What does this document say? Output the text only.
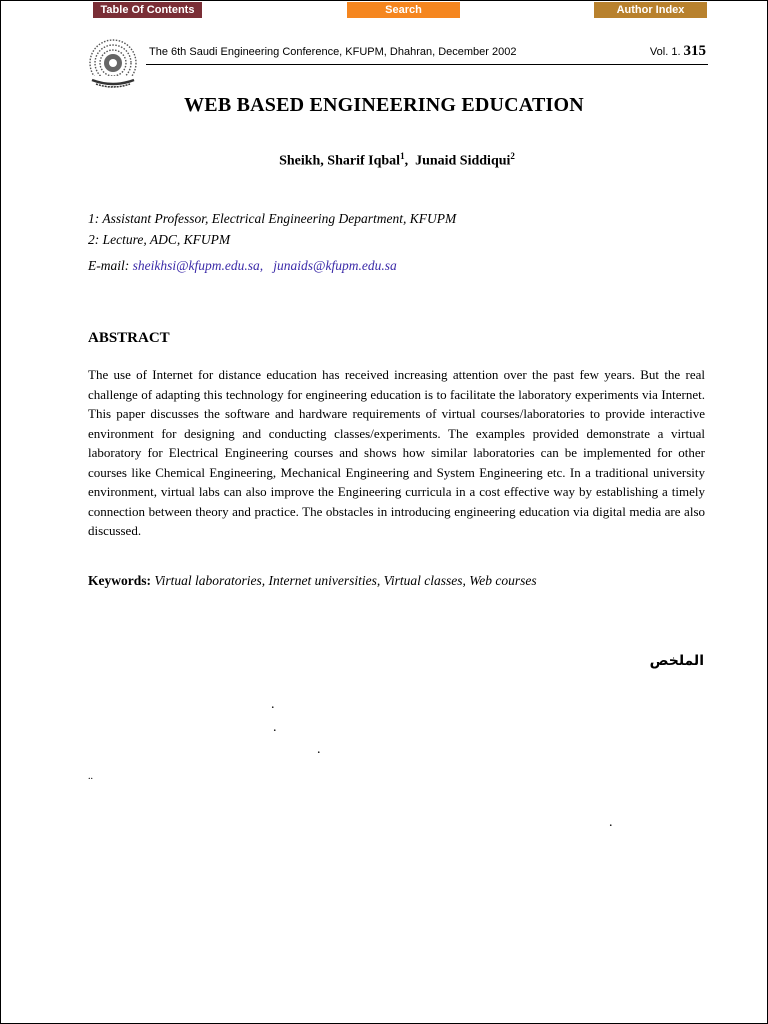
Table Of Contents	Search	Author Index
The 6th Saudi Engineering Conference, KFUPM, Dhahran, December 2002	Vol. 1. 315
WEB BASED ENGINEERING EDUCATION
Sheikh, Sharif Iqbal$^1$, Junaid Siddiqui$^2$
1: Assistant Professor, Electrical Engineering Department, KFUPM
2: Lecture, ADC, KFUPM
E-mail: sheikhsi@kfupm.edu.sa, junaids@kfupm.edu.sa
ABSTRACT
The use of Internet for distance education has received increasing attention over the past few years. But the real challenge of adapting this technology for engineering education is to facilitate the laboratory experiments via Internet. This paper discusses the software and hardware requirements of virtual courses/laboratories to provide interactive environment for designing and conducting classes/experiments. The examples provided demonstrate a virtual laboratory for Electrical Engineering courses and shows how similar laboratories can be implemented for other courses like Chemical Engineering, Mechanical Engineering and System Engineering etc. In a traditional university environment, virtual labs can also improve the Engineering curricula in a cost effective way by establishing a timely connection between theory and practice. The obstacles in introducing engineering education via digital media are also discussed.
Keywords: Virtual laboratories, Internet universities, Virtual classes, Web courses
الملخص
.
.
.
..
.
